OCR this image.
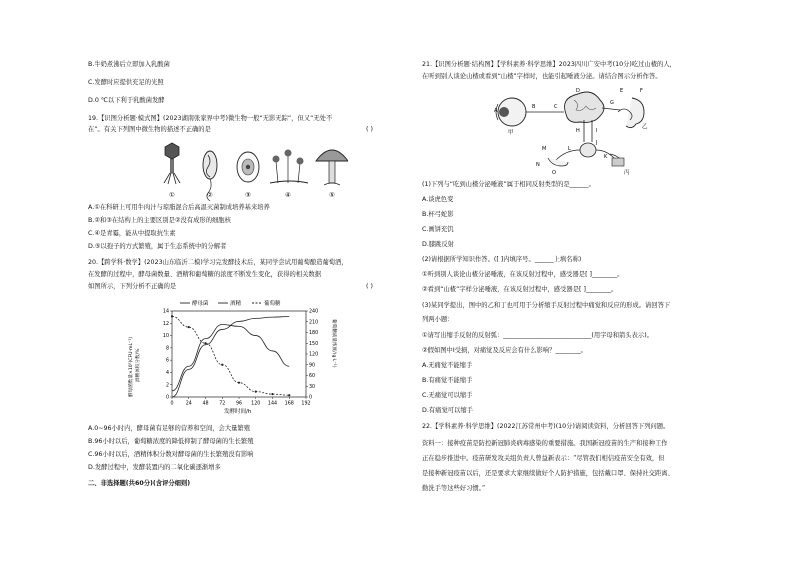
B.牛奶煮沸后立即加入乳酸菌
C.发酵时应提供充足的光照
D.0 ℃以下利于乳酸菌发酵
19.【识图分析题·模式图】(2023湖南张家界中考)微生物一般“无影无踪”，但又“无处不
在”。有关下列图中微生物的描述不正确的是	( )
①	②	③	④	⑤
A.①在科研上可用牛肉汁与琼脂混合后高温灭菌制成培养基来培养
B.②和③在结构上的主要区别是②没有成形的细胞核
C.④是青霉，能从中提取抗生素
D.⑤以孢子的方式繁殖，属于生态系统中的分解者
20.【跨学科·数学】(2023山东临沂二模)学习完发酵技术后，某同学尝试用葡萄酿造葡萄酒，
在发酵的过程中，酵母菌数量、酒精和葡萄糖的浓度不断发生变化，获得的相关数据
如图所示，下列分析不正确的是	( )
酵母菌	酒精	葡萄糖
酵母菌数量×10⁷(CFU·mL⁻¹) 酒精体积分数/%	葡萄糖质量浓度/(g·L⁻¹)
发酵时间/h
0	24 48 72 96 120 144 168 192
0
2
4
6
8
10
12
14
0
30
60
90
120
150
180
210
240
A.0~96小时内，酵母菌有足够的营养和空间，会大量繁殖
B.96小时以后，葡萄糖浓度的降低抑制了酵母菌的生长繁殖
C.96小时以后，酒精体积分数对酵母菌的生长繁殖没有影响
D.发酵过程中，发酵装置内的二氧化碳逐渐增多
二、非选择题(共60分)(含评分细则)
21.【识图分析题·结构图】【学科素养·科学思维】2023四川广安中考(10分)吃过山楂的人，
在听到别人谈论山楂或看到“山楂”字样时，也能引起唾液分泌。请结合图示分析作答。
甲
乙
丙
A
B	C
D	E	F
G
H	I
J
K
L
M
N
O
(1)下列与“吃到山楂分泌唾液”属于相同反射类型的是______。
A.谈虎色变
B.杯弓蛇影
C.画饼充饥
D.膝跳反射
(2)请根据所学知识作答。([ ]内填序号。______上填名称)
①听到别人谈论山楂分泌唾液，在该反射过程中，感受器是[ ]________。
②看到“山楂”字样分泌唾液，在该反射过程中，感受器是[ ]________。
(3)某同学提出，图中的乙和丁也可用于分析缩手反射过程中痛觉和反应的形成。请回答下
列两小题：
①请写出缩手反射的反射弧：____________________________(用字母和箭头表示)。
②假如图中I受损，对痛觉及反应会有什么影响？________。
A.无痛觉不能缩手
B.有痛觉不能缩手
C.无痛觉可以缩手
D.有痛觉可以缩手
22.【学科素养·科学思维】(2022江苏常州中考)(10分)请阅读资料，分析回答下列问题。
资料一：接种疫苗是防控新冠肺炎病毒感染的重要措施。我国新冠疫苗的生产和接种工作
正在稳步推进中。疫苗研发攻关组负责人曾益新表示：“尽管我们相信疫苗安全有效，但
是接种新冠疫苗以后，还是要求大家继续做好个人防护措施，包括戴口罩、保持社交距离、
勤洗手等这些好习惯。”
